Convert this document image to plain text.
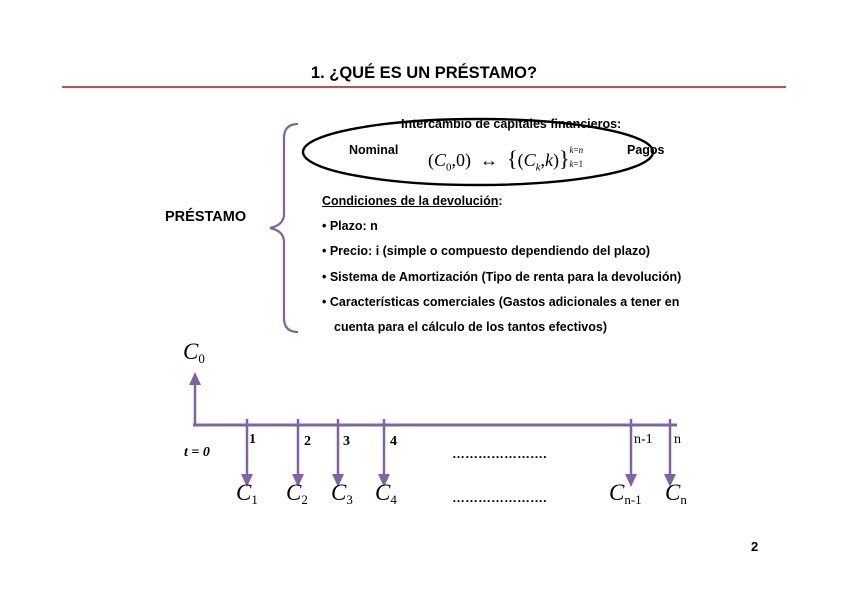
1. ¿QUÉ ES UN PRÉSTAMO?
PRÉSTAMO
Intercambio de capitales financieros:
Nominal	Pagos
$(C_0,0)$  ↔  $\{(C_k,k)\}$ k=n
k=1
Condiciones de la devolución:
• Plazo: n
• Precio: i (simple o compuesto dependiendo del plazo)
• Sistema de Amortización (Tipo de renta para la devolución)
• Características comerciales (Gastos adicionales a tener en
cuenta para el cálculo de los tantos efectivos)
$C_0$
t = 0
1	2 3	4	n-1 n
………………….
………………….
$C_1$ $C_2$ $C_3$ $C_4$	$C_{n-1}$ $C_n$
2
